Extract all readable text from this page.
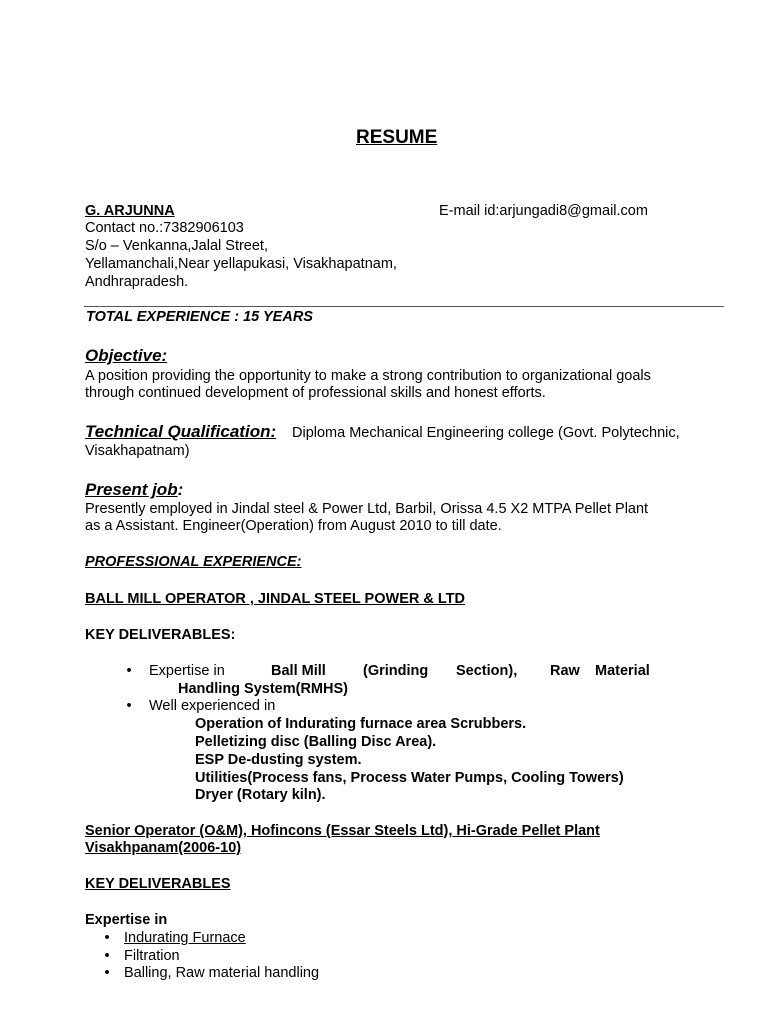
RESUME
G. ARJUNNA	E-mail id:arjungadi8@gmail.com
Contact no.:7382906103
S/o – Venkanna,Jalal Street,
Yellamanchali,Near yellapukasi, Visakhapatnam,
Andhrapradesh.
TOTAL EXPERIENCE : 15 YEARS
Objective:
A position providing the opportunity to make a strong contribution to organizational goals
through continued development of professional skills and honest efforts.
Technical Qualification: Diploma Mechanical Engineering college (Govt. Polytechnic,
Visakhapatnam)
Present job:
Presently employed in Jindal steel & Power Ltd, Barbil, Orissa 4.5 X2 MTPA Pellet Plant
as a Assistant. Engineer(Operation) from August 2010 to till date.
PROFESSIONAL EXPERIENCE:
BALL MILL OPERATOR , JINDAL STEEL POWER & LTD
KEY DELIVERABLES:
• Expertise in	Ball Mill	(Grinding Section), Raw Material
Handling System(RMHS)
• Well experienced in
Operation of Indurating furnace area Scrubbers.
Pelletizing disc (Balling Disc Area).
ESP De-dusting system.
Utilities(Process fans, Process Water Pumps, Cooling Towers)
Dryer (Rotary kiln).
Senior Operator (O&M), Hofincons (Essar Steels Ltd), Hi-Grade Pellet Plant
Visakhpanam(2006-10)
KEY DELIVERABLES
Expertise in
• Indurating Furnace
• Filtration
• Balling, Raw material handling
